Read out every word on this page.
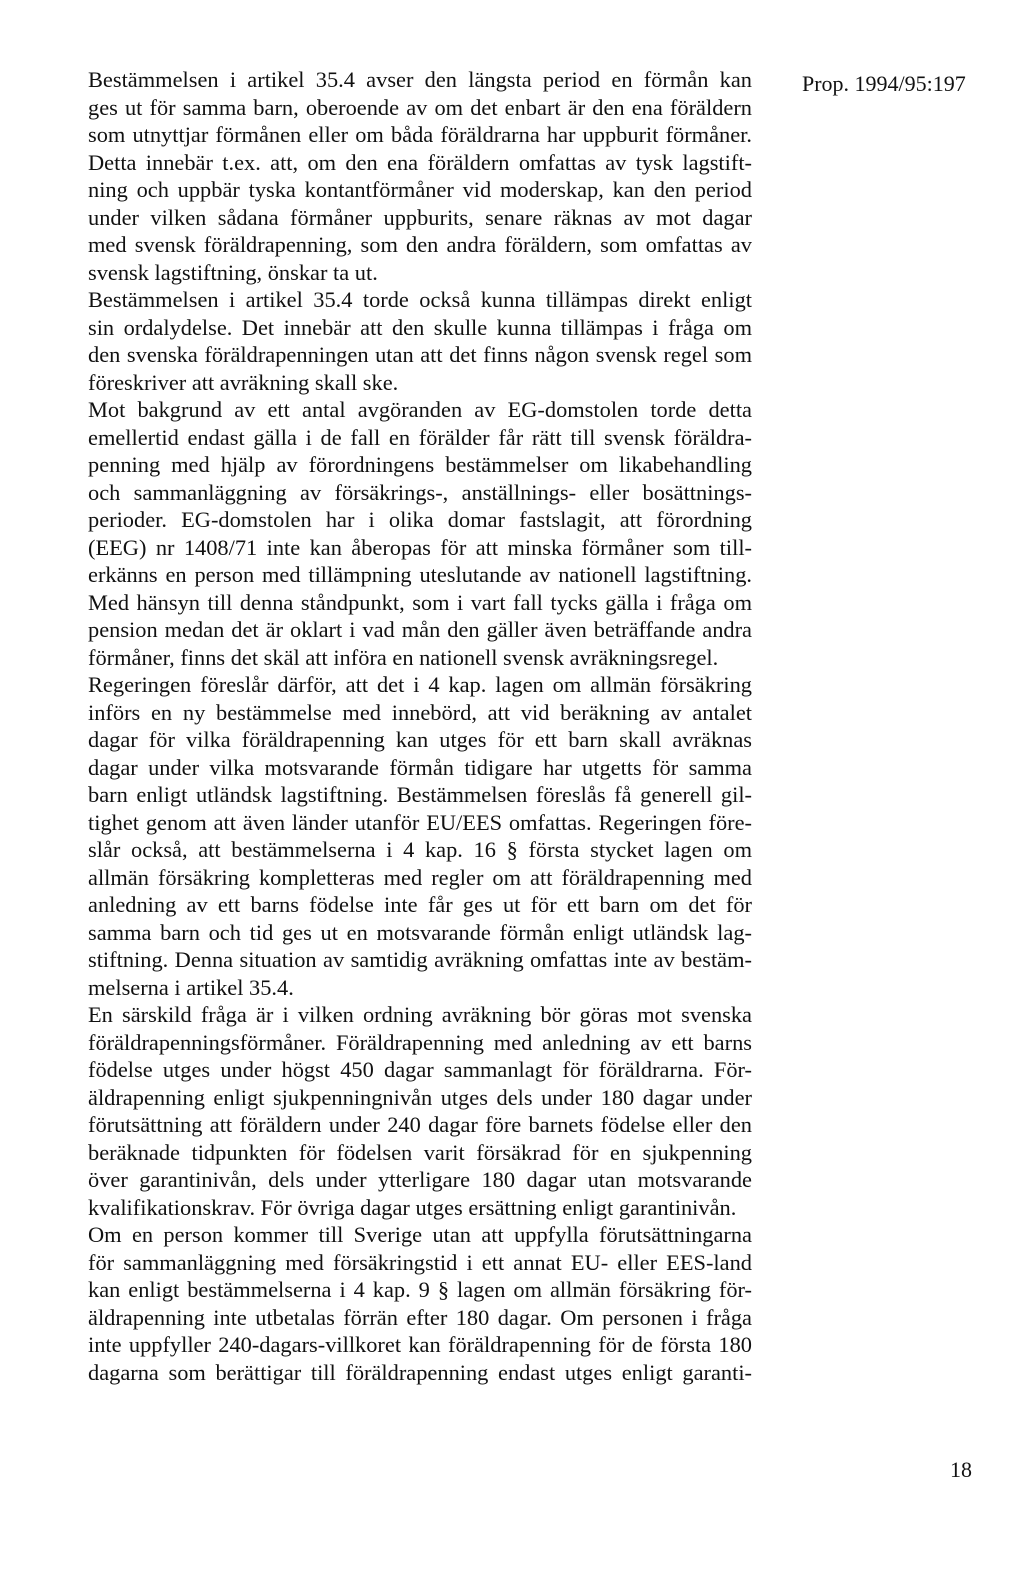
Prop. 1994/95:197
Bestämmelsen i artikel 35.4 avser den längsta period en förmån kan
ges ut för samma barn, oberoende av om det enbart är den ena föräldern
som utnyttjar förmånen eller om båda föräldrarna har uppburit förmåner.
Detta innebär t.ex. att, om den ena föräldern omfattas av tysk lagstift-
ning och uppbär tyska kontantförmåner vid moderskap, kan den period
under vilken sådana förmåner uppburits, senare räknas av mot dagar
med svensk föräldrapenning, som den andra föräldern, som omfattas av
svensk lagstiftning, önskar ta ut.
Bestämmelsen i artikel 35.4 torde också kunna tillämpas direkt enligt
sin ordalydelse. Det innebär att den skulle kunna tillämpas i fråga om
den svenska föräldrapenningen utan att det finns någon svensk regel som
föreskriver att avräkning skall ske.
Mot bakgrund av ett antal avgöranden av EG-domstolen torde detta
emellertid endast gälla i de fall en förälder får rätt till svensk föräldra-
penning med hjälp av förordningens bestämmelser om likabehandling
och sammanläggning av försäkrings-, anställnings- eller bosättnings-
perioder. EG-domstolen har i olika domar fastslagit, att förordning
(EEG) nr 1408/71 inte kan åberopas för att minska förmåner som till-
erkänns en person med tillämpning uteslutande av nationell lagstiftning.
Med hänsyn till denna ståndpunkt, som i vart fall tycks gälla i fråga om
pension medan det är oklart i vad mån den gäller även beträffande andra
förmåner, finns det skäl att införa en nationell svensk avräkningsregel.
Regeringen föreslår därför, att det i 4 kap. lagen om allmän försäkring
införs en ny bestämmelse med innebörd, att vid beräkning av antalet
dagar för vilka föräldrapenning kan utges för ett barn skall avräknas
dagar under vilka motsvarande förmån tidigare har utgetts för samma
barn enligt utländsk lagstiftning. Bestämmelsen föreslås få generell gil-
tighet genom att även länder utanför EU/EES omfattas. Regeringen före-
slår också, att bestämmelserna i 4 kap. 16 § första stycket lagen om
allmän försäkring kompletteras med regler om att föräldrapenning med
anledning av ett barns födelse inte får ges ut för ett barn om det för
samma barn och tid ges ut en motsvarande förmån enligt utländsk lag-
stiftning. Denna situation av samtidig avräkning omfattas inte av bestäm-
melserna i artikel 35.4.
En särskild fråga är i vilken ordning avräkning bör göras mot svenska
föräldrapenningsförmåner. Föräldrapenning med anledning av ett barns
födelse utges under högst 450 dagar sammanlagt för föräldrarna. För-
äldrapenning enligt sjukpenningnivån utges dels under 180 dagar under
förutsättning att föräldern under 240 dagar före barnets födelse eller den
beräknade tidpunkten för födelsen varit försäkrad för en sjukpenning
över garantinivån, dels under ytterligare 180 dagar utan motsvarande
kvalifikationskrav. För övriga dagar utges ersättning enligt garantinivån.
Om en person kommer till Sverige utan att uppfylla förutsättningarna
för sammanläggning med försäkringstid i ett annat EU- eller EES-land
kan enligt bestämmelserna i 4 kap. 9 § lagen om allmän försäkring för-
äldrapenning inte utbetalas förrän efter 180 dagar. Om personen i fråga
inte uppfyller 240-dagars-villkoret kan föräldrapenning för de första 180
dagarna som berättigar till föräldrapenning endast utges enligt garanti-
18
